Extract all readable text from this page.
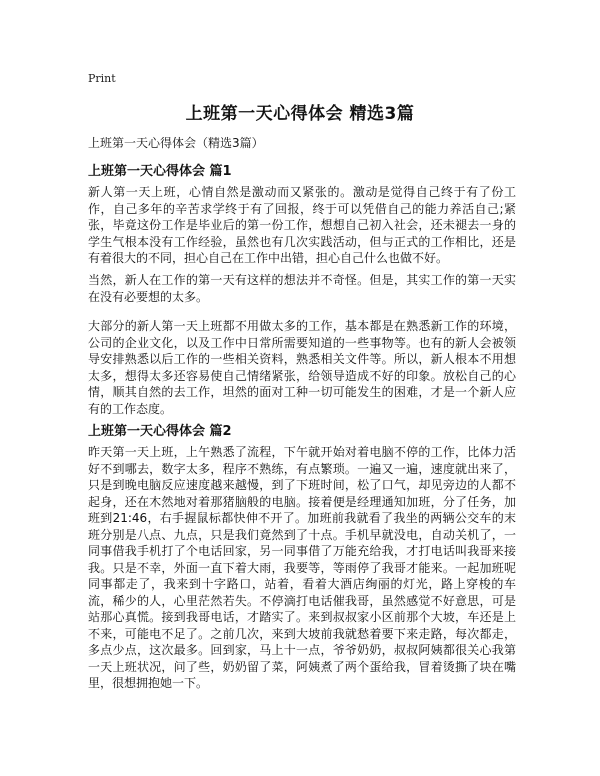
Print
上班第一天心得体会 精选3篇

上班第一天心得体会（精选3篇）

上班第一天心得体会 篇1

新人第一天上班，心情自然是激动而又紧张的。激动是觉得自己终于有了份工作，自己多年的辛苦求学终于有了回报，终于可以凭借自己的能力养活自己;紧张，毕竟这份工作是毕业后的第一份工作，想想自己初入社会，还未褪去一身的学生气根本没有工作经验，虽然也有几次实践活动，但与正式的工作相比，还是有着很大的不同，担心自己在工作中出错，担心自己什么也做不好。

当然，新人在工作的第一天有这样的想法并不奇怪。但是，其实工作的第一天实在没有必要想的太多。

大部分的新人第一天上班都不用做太多的工作，基本都是在熟悉新工作的环境，公司的企业文化，以及工作中日常所需要知道的一些事物等。也有的新人会被领导安排熟悉以后工作的一些相关资料，熟悉相关文件等。所以，新人根本不用想太多，想得太多还容易使自己情绪紧张，给领导造成不好的印象。放松自己的心情，顺其自然的去工作，坦然的面对工种一切可能发生的困难，才是一个新人应有的工作态度。

上班第一天心得体会 篇2

昨天第一天上班，上午熟悉了流程，下午就开始对着电脑不停的工作，比体力活好不到哪去，数字太多，程序不熟练，有点繁琐。一遍又一遍，速度就出来了，只是到晚电脑反应速度越来越慢，到了下班时间，松了口气，却见旁边的人都不起身，还在木然地对着那猪脑般的电脑。接着便是经理通知加班，分了任务，加班到21:46，右手握鼠标都快伸不开了。加班前我就看了我坐的两辆公交车的末班分别是八点、九点，只是我们竟然到了十点。手机早就没电，自动关机了，一同事借我手机打了个电话回家，另一同事借了万能充给我，才打电话叫我哥来接我。只是不幸，外面一直下着大雨，我要等，等雨停了我哥才能来。一起加班呢同事都走了，我来到十字路口，站着，看着大酒店绚丽的灯光，路上穿梭的车流，稀少的人，心里茫然若失。不停滴打电话催我哥，虽然感觉不好意思，可是站那心真慌。接到我哥电话，才踏实了。来到叔叔家小区前那个大坡，车还是上不来，可能电不足了。之前几次，来到大坡前我就愁着要下来走路，每次都走，多点少点，这次最多。回到家，马上十一点，爷爷奶奶，叔叔阿姨都很关心我第一天上班状况，问了些，奶奶留了菜，阿姨煮了两个蛋给我，冒着烫撕了块在嘴里，很想拥抱她一下。
